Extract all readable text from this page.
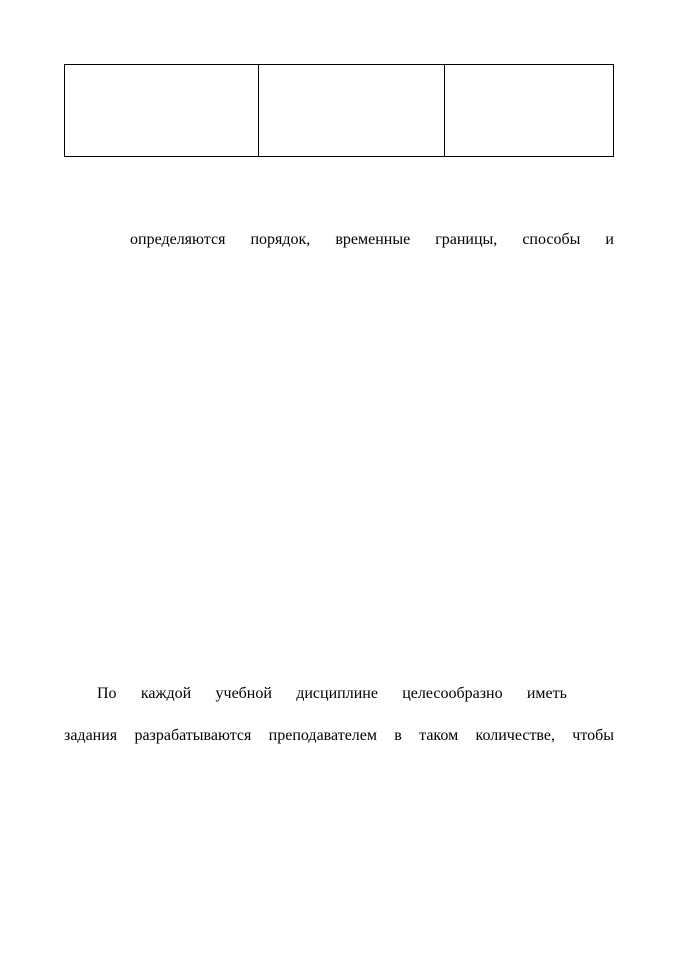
определяются порядок, временные границы, способы и
По каждой учебной дисциплине целесообразно иметь
задания разрабатываются преподавателем в таком количестве, чтобы
